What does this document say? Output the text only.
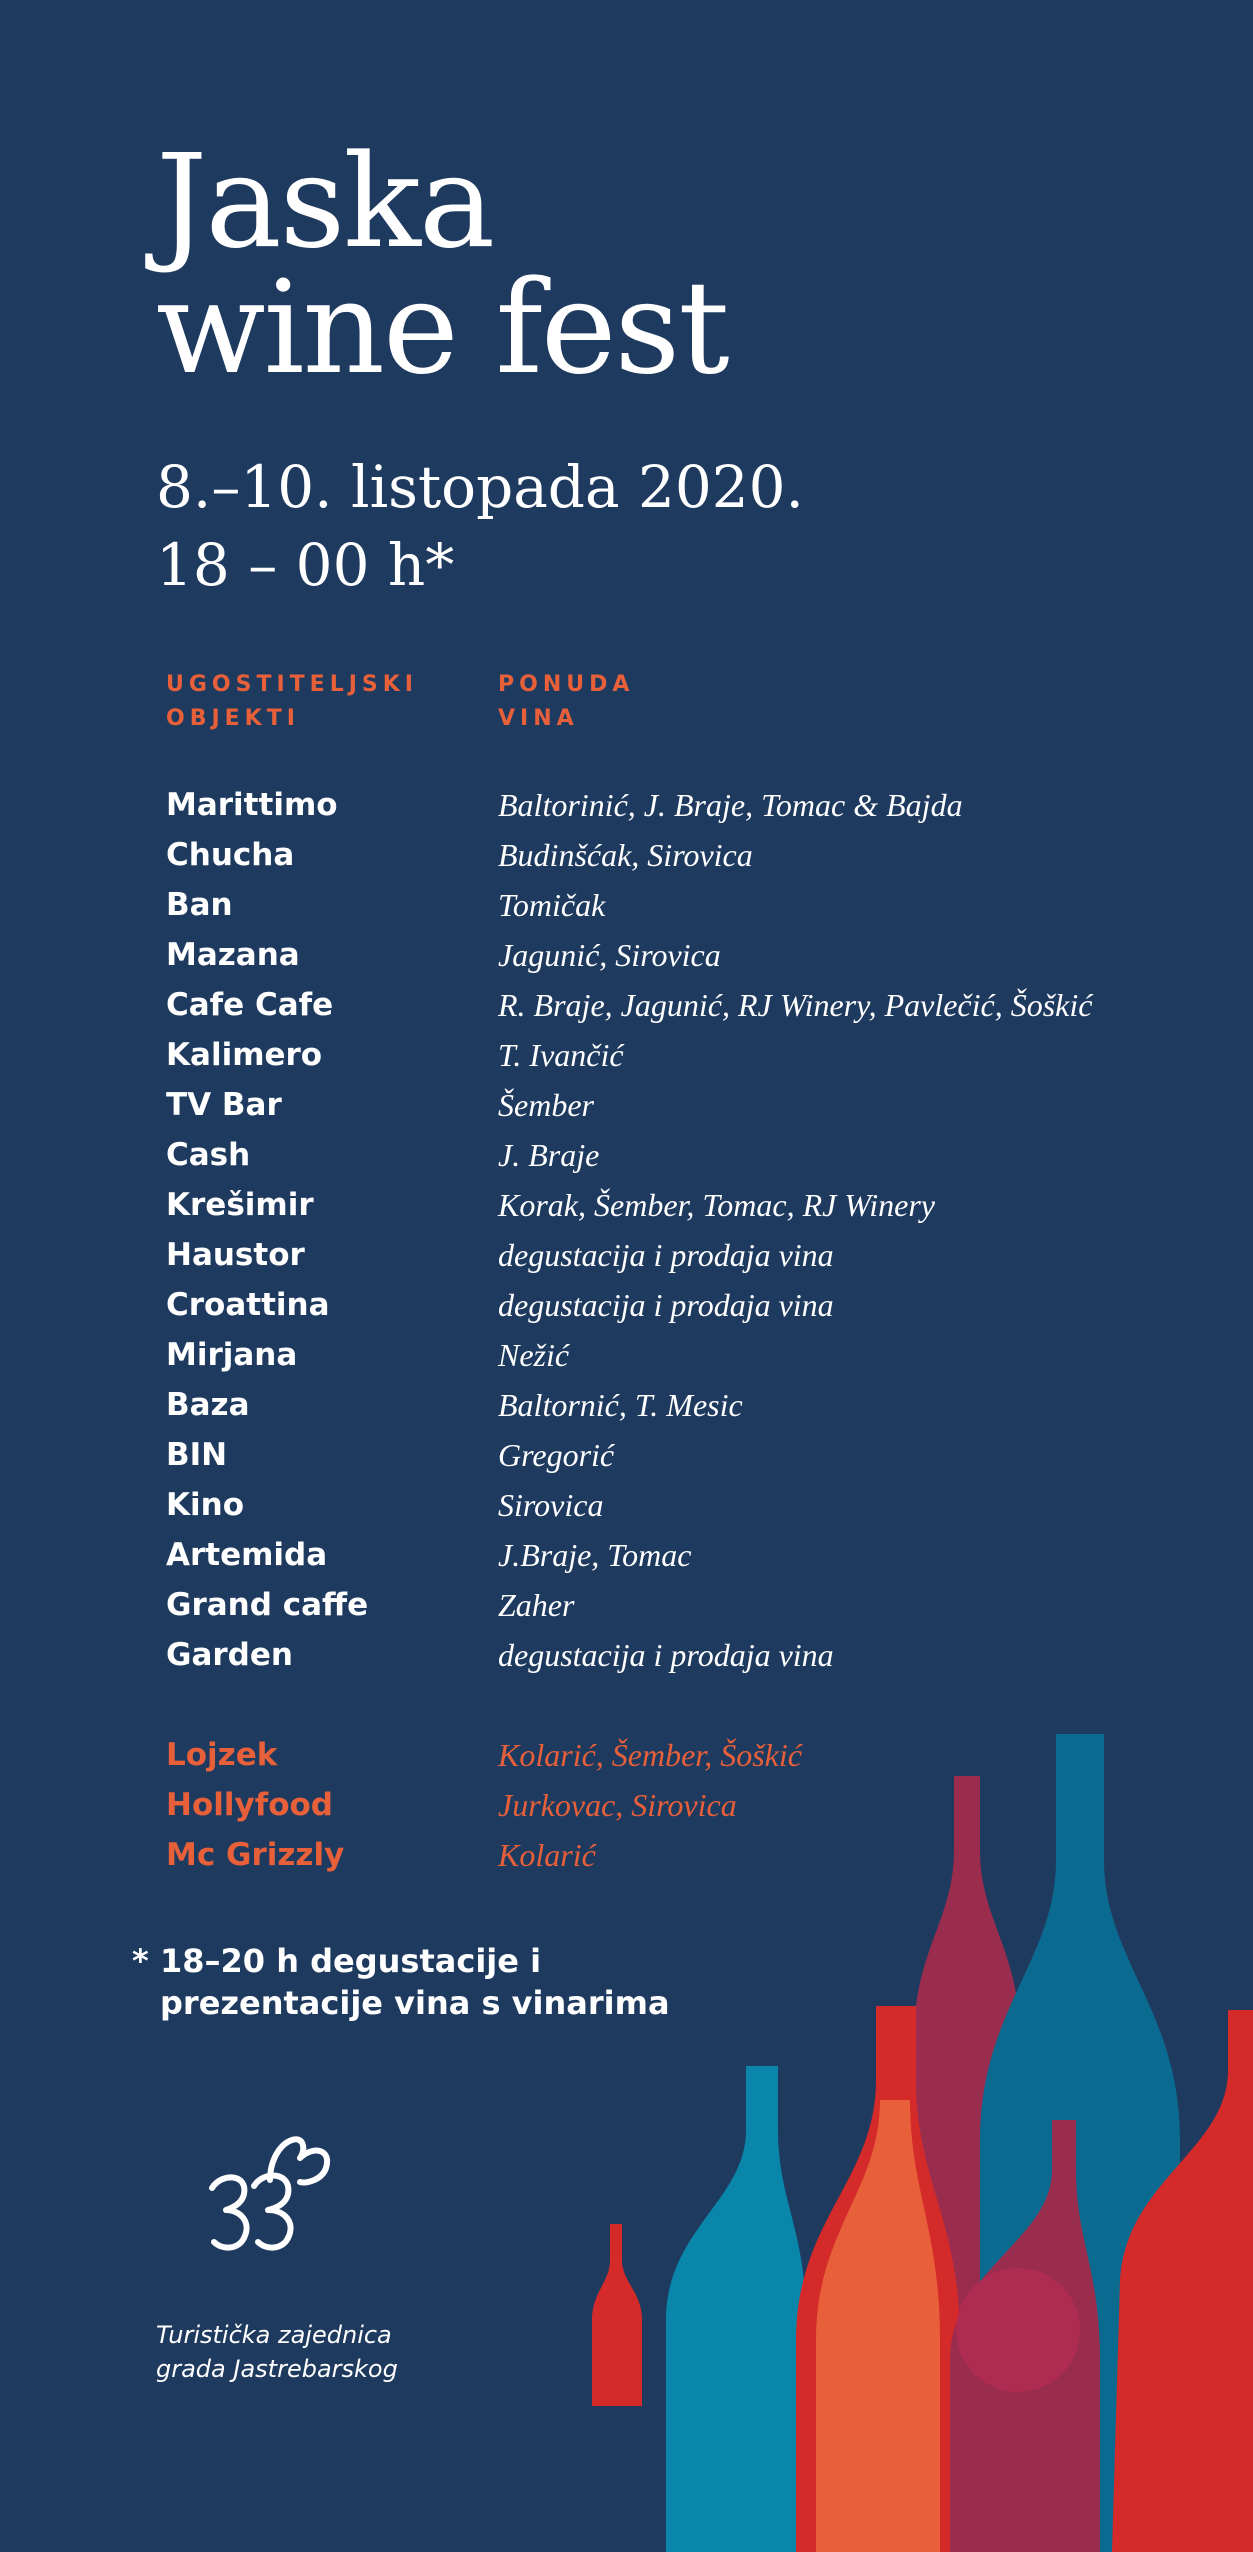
Jaska
wine fest
8.–10. listopada 2020.
18 – 00 h*
UGOSTITELJSKI
OBJEKTI
PONUDA
VINA
Marittimo	Baltorinić, J. Braje, Tomac & Bajda
Chucha	Budinšćak, Sirovica
Ban	Tomičak
Mazana	Jagunić, Sirovica
Cafe Cafe	R. Braje, Jagunić, RJ Winery, Pavlečić, Šoškić
Kalimero	T. Ivančić
TV Bar	Šember
Cash	J. Braje
Krešimir	Korak, Šember, Tomac, RJ Winery
Haustor	degustacija i prodaja vina
Croattina	degustacija i prodaja vina
Mirjana	Nežić
Baza	Baltornić, T. Mesic
BIN	Gregorić
Kino	Sirovica
Artemida	J.Braje, Tomac
Grand caffe	Zaher
Garden	degustacija i prodaja vina
Lojzek	Kolarić, Šember, Šoškić
Hollyfood	Jurkovac, Sirovica
Mc Grizzly	Kolarić
* 18–20 h degustacije i
prezentacije vina s vinarima
Turistička zajednica
grada Jastrebarskog
